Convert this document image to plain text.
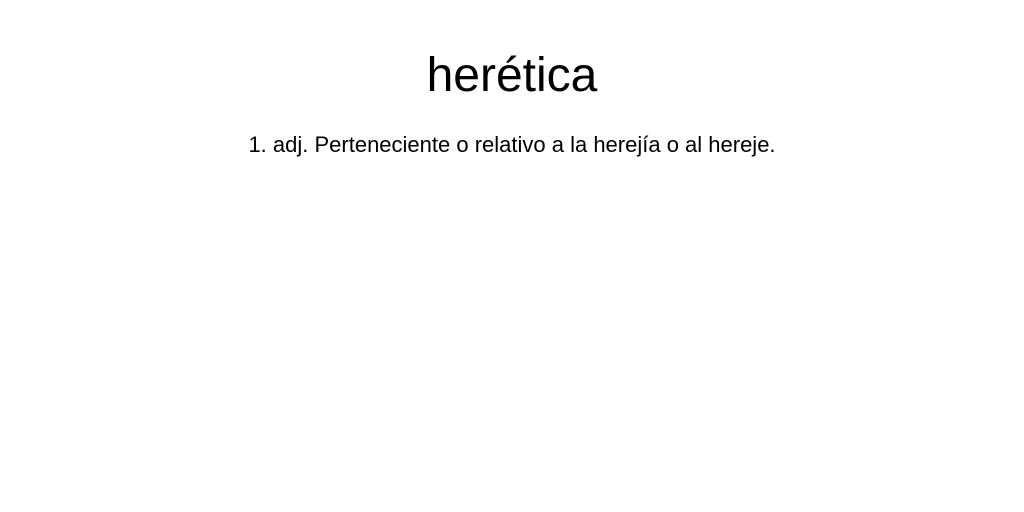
herética

1. adj. Perteneciente o relativo a la herejía o al hereje.
